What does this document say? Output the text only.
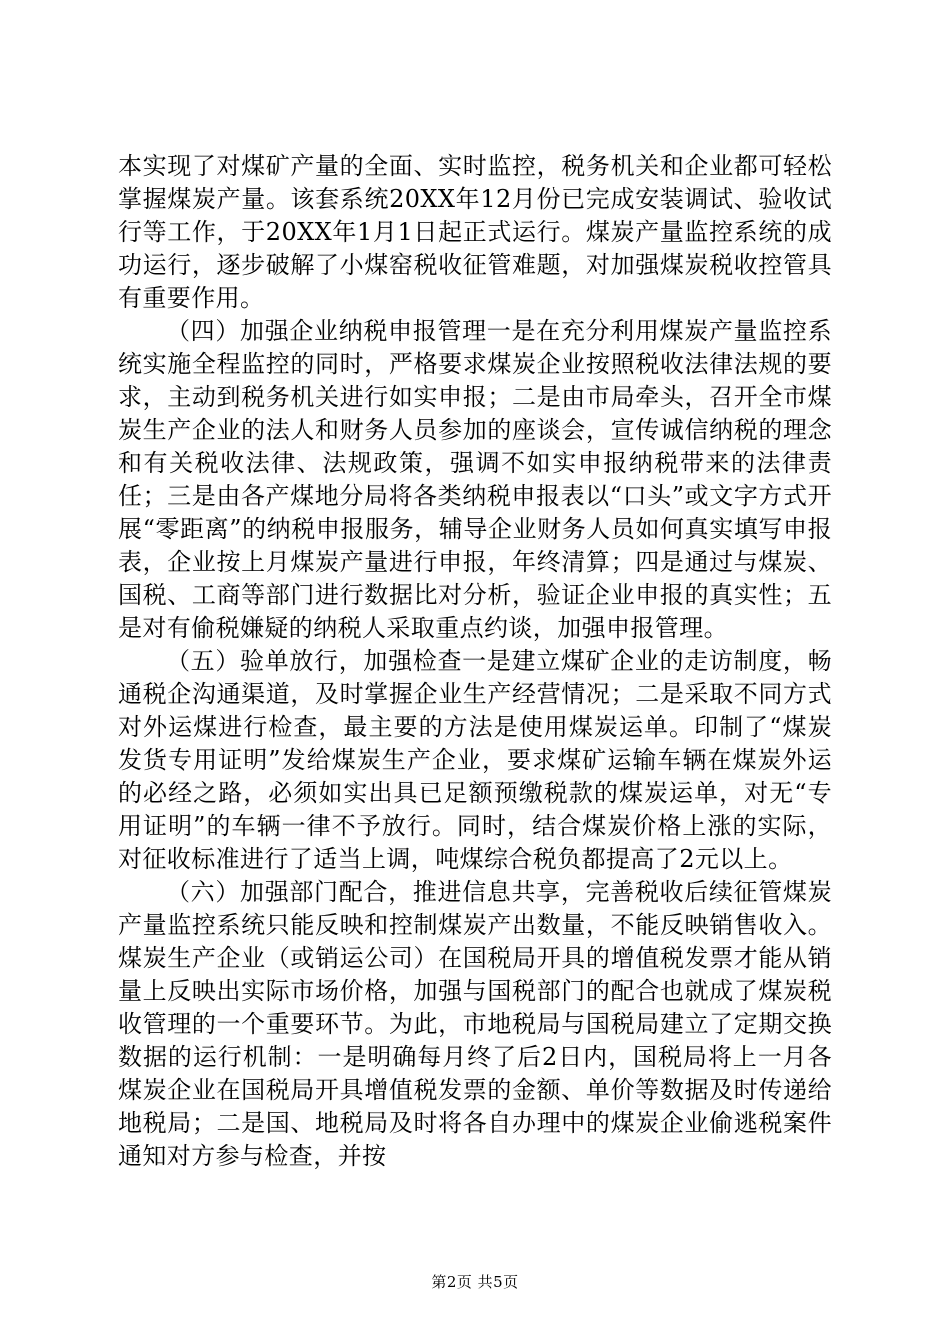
本实现了对煤矿产量的全面、实时监控，税务机关和企业都可轻松掌握煤炭产量。该套系统20XX年12月份已完成安装调试、验收试行等工作，于20XX年1月1日起正式运行。煤炭产量监控系统的成功运行，逐步破解了小煤窑税收征管难题，对加强煤炭税收控管具有重要作用。

（四）加强企业纳税申报管理一是在充分利用煤炭产量监控系统实施全程监控的同时，严格要求煤炭企业按照税收法律法规的要求，主动到税务机关进行如实申报；二是由市局牵头，召开全市煤炭生产企业的法人和财务人员参加的座谈会，宣传诚信纳税的理念和有关税收法律、法规政策，强调不如实申报纳税带来的法律责任；三是由各产煤地分局将各类纳税申报表以“口头”或文字方式开展“零距离”的纳税申报服务，辅导企业财务人员如何真实填写申报表，企业按上月煤炭产量进行申报，年终清算；四是通过与煤炭、国税、工商等部门进行数据比对分析，验证企业申报的真实性；五是对有偷税嫌疑的纳税人采取重点约谈，加强申报管理。

（五）验单放行，加强检查一是建立煤矿企业的走访制度，畅通税企沟通渠道，及时掌握企业生产经营情况；二是采取不同方式对外运煤进行检查，最主要的方法是使用煤炭运单。印制了“煤炭发货专用证明”发给煤炭生产企业，要求煤矿运输车辆在煤炭外运的必经之路，必须如实出具已足额预缴税款的煤炭运单，对无“专用证明”的车辆一律不予放行。同时，结合煤炭价格上涨的实际，对征收标准进行了适当上调，吨煤综合税负都提高了2元以上。

（六）加强部门配合，推进信息共享，完善税收后续征管煤炭产量监控系统只能反映和控制煤炭产出数量，不能反映销售收入。煤炭生产企业（或销运公司）在国税局开具的增值税发票才能从销量上反映出实际市场价格，加强与国税部门的配合也就成了煤炭税收管理的一个重要环节。为此，市地税局与国税局建立了定期交换数据的运行机制：一是明确每月终了后2日内，国税局将上一月各煤炭企业在国税局开具增值税发票的金额、单价等数据及时传递给地税局；二是国、地税局及时将各自办理中的煤炭企业偷逃税案件通知对方参与检查，并按

第2页 共5页
